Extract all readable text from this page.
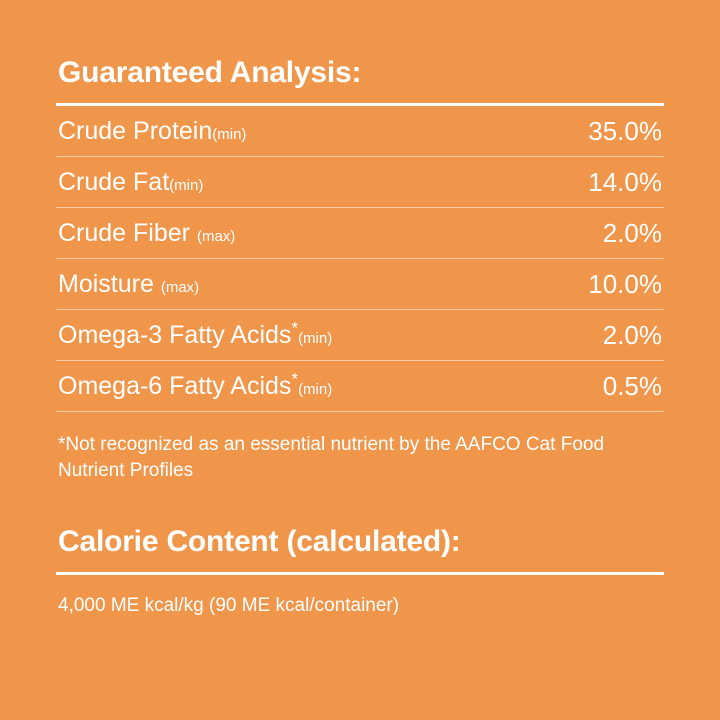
Guaranteed Analysis:
Crude Protein(min)	35.0%

Crude Fat(min)	14.0%

Crude Fiber (max)	2.0%

Moisture (max)	10.0%

Omega-3 Fatty Acids*(min)	2.0%

Omega-6 Fatty Acids*(min)	0.5%

*Not recognized as an essential nutrient by the AAFCO Cat Food Nutrient Profiles

Calorie Content (calculated):

4,000 ME kcal/kg (90 ME kcal/container)
